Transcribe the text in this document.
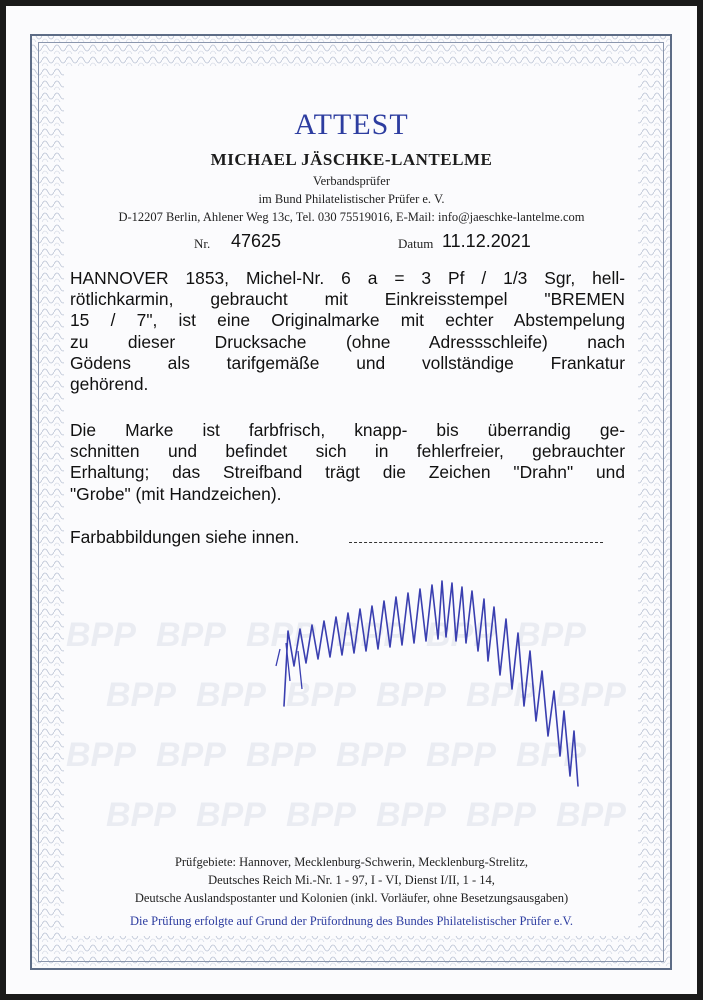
BPP BPP BPP BPP BPP BPP
BPP BPP BPP BPP BPP BPP
BPP BPP BPP BPP BPP BPP
BPP BPP BPP BPP BPP BPP
ATTEST
MICHAEL JÄSCHKE-LANTELME
Verbandsprüfer
im Bund Philatelistischer Prüfer e. V.
D-12207 Berlin, Ahlener Weg 13c, Tel. 030 75519016, E-Mail: info@jaeschke-lantelme.com
Nr. 47625	Datum 11.12.2021
HANNOVER 1853, Michel-Nr. 6 a = 3 Pf / 1/3 Sgr, hell-
rötlichkarmin, gebraucht mit Einkreisstempel "BREMEN
15 / 7", ist eine Originalmarke mit echter Abstempelung
zu dieser Drucksache (ohne Adressschleife) nach
Gödens als tarifgemäße und vollständige Frankatur
gehörend.
Die Marke ist farbfrisch, knapp- bis überrandig ge-
schnitten und befindet sich in fehlerfreier, gebrauchter
Erhaltung; das Streifband trägt die Zeichen "Drahn" und
"Grobe" (mit Handzeichen).
Farbabbildungen siehe innen.
Prüfgebiete: Hannover, Mecklenburg-Schwerin, Mecklenburg-Strelitz,
Deutsches Reich Mi.-Nr. 1 - 97, I - VI, Dienst I/II, 1 - 14,
Deutsche Auslandspostanter und Kolonien (inkl. Vorläufer, ohne Besetzungsausgaben)
Die Prüfung erfolgte auf Grund der Prüfordnung des Bundes Philatelistischer Prüfer e.V.
